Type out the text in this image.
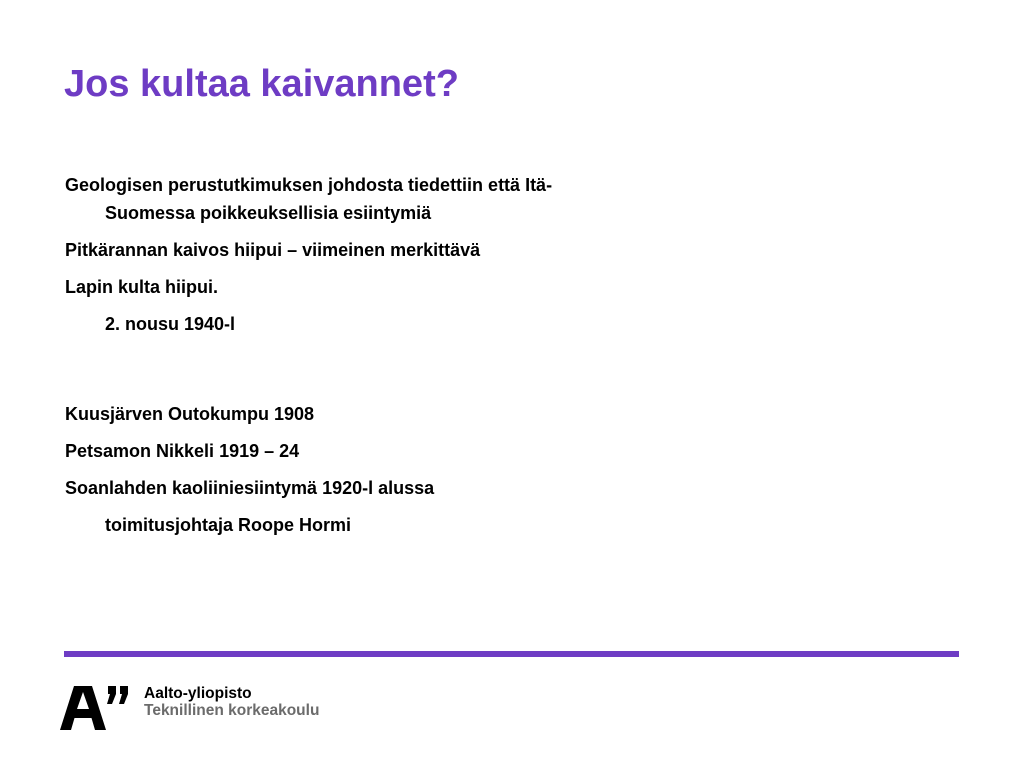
Jos kultaa kaivannet?

Geologisen perustutkimuksen johdosta tiedettiin että Itä-Suomessa poikkeuksellisia esiintymiä

Pitkärannan kaivos hiipui – viimeinen merkittävä

Lapin kulta hiipui.

2. nousu 1940-l

Kuusjärven Outokumpu 1908

Petsamon Nikkeli 1919 – 24

Soanlahden kaoliiniesiintymä 1920-l alussa

toimitusjohtaja Roope Hormi

Aalto-yliopisto
Teknillinen korkeakoulu
